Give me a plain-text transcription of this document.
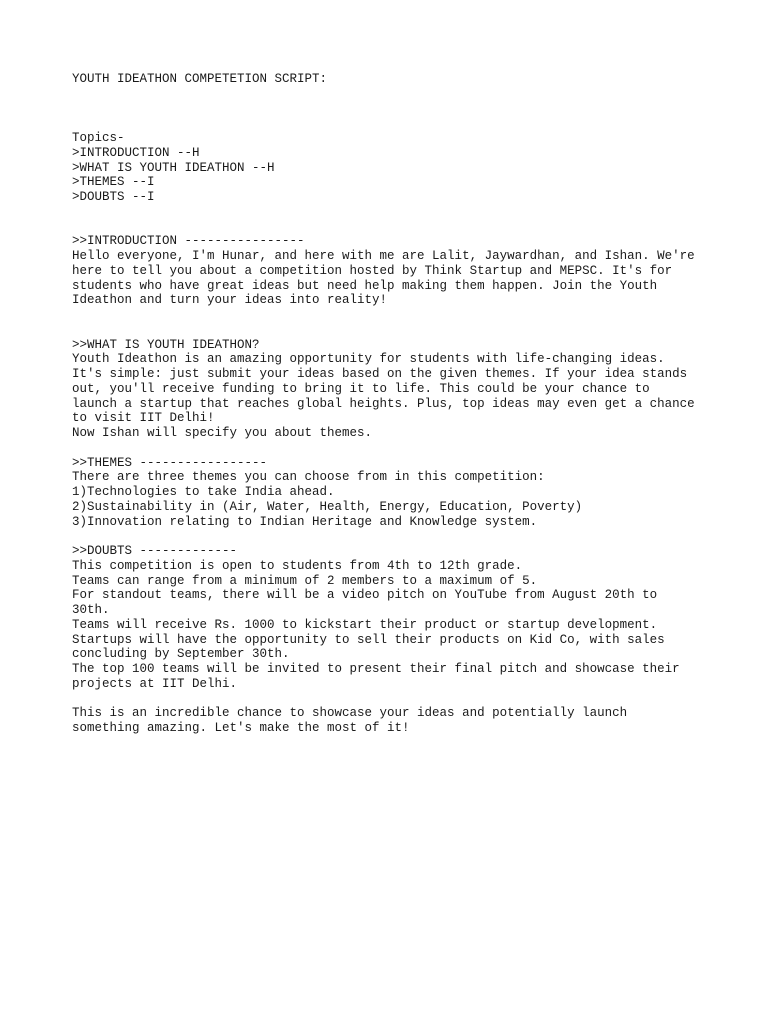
YOUTH IDEATHON COMPETETION SCRIPT:
Topics-
>INTRODUCTION --H
>WHAT IS YOUTH IDEATHON --H
>THEMES --I
>DOUBTS --I
>>INTRODUCTION ----------------
Hello everyone, I'm Hunar, and here with me are Lalit, Jaywardhan, and Ishan. We're
here to tell you about a competition hosted by Think Startup and MEPSC. It's for
students who have great ideas but need help making them happen. Join the Youth
Ideathon and turn your ideas into reality!
>>WHAT IS YOUTH IDEATHON?
Youth Ideathon is an amazing opportunity for students with life-changing ideas.
It's simple: just submit your ideas based on the given themes. If your idea stands
out, you'll receive funding to bring it to life. This could be your chance to
launch a startup that reaches global heights. Plus, top ideas may even get a chance
to visit IIT Delhi!
Now Ishan will specify you about themes.
>>THEMES -----------------
There are three themes you can choose from in this competition:
1)Technologies to take India ahead.
2)Sustainability in (Air, Water, Health, Energy, Education, Poverty)
3)Innovation relating to Indian Heritage and Knowledge system.
>>DOUBTS -------------
This competition is open to students from 4th to 12th grade.
Teams can range from a minimum of 2 members to a maximum of 5.
For standout teams, there will be a video pitch on YouTube from August 20th to
30th.
Teams will receive Rs. 1000 to kickstart their product or startup development.
Startups will have the opportunity to sell their products on Kid Co, with sales
concluding by September 30th.
The top 100 teams will be invited to present their final pitch and showcase their
projects at IIT Delhi.
This is an incredible chance to showcase your ideas and potentially launch
something amazing. Let's make the most of it!
